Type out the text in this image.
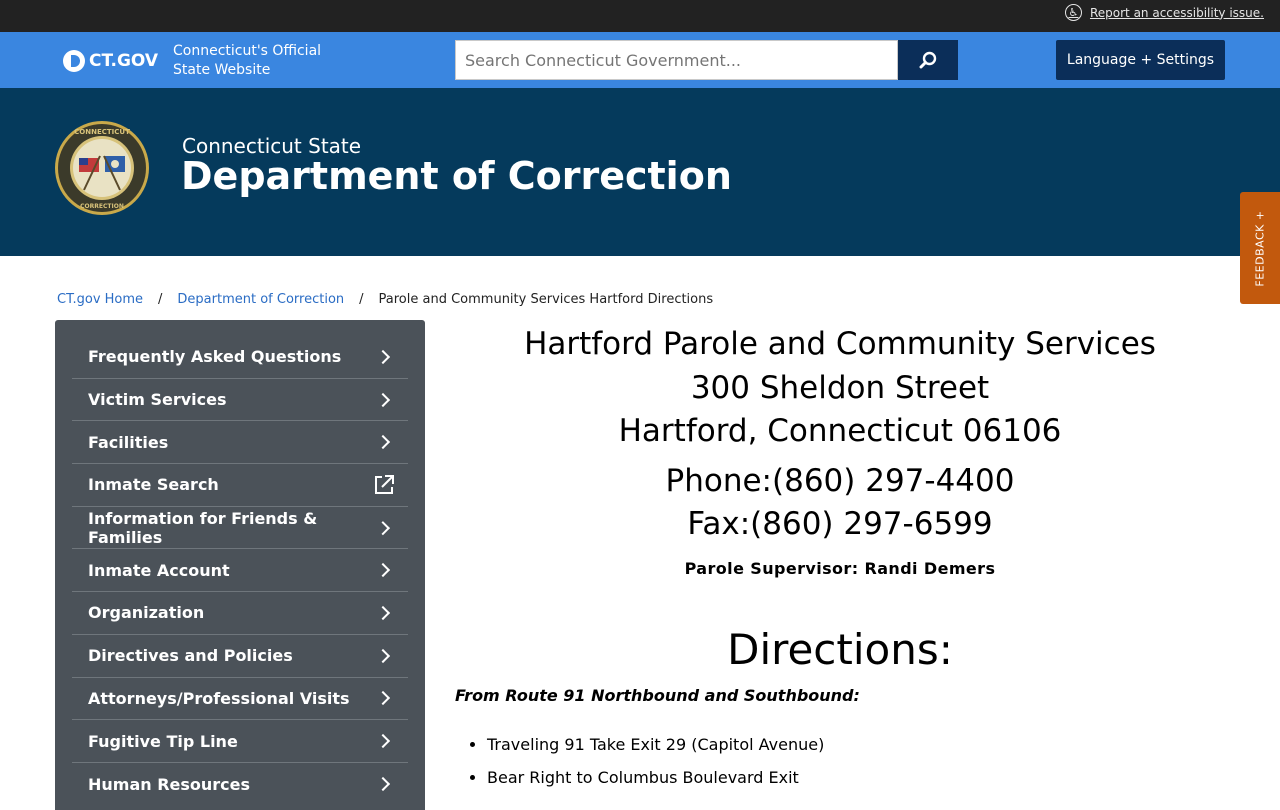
♿ Report an accessibility issue.
CT.GOV Connecticut's Official
State Website
Search Connecticut Government...
Language + Settings
CONNECTICUT
CORRECTION
Connecticut State
Department of Correction
FEEDBACK +
CT.gov Home / Department of Correction / Parole and Community Services Hartford Directions
Frequently Asked Questions
Victim Services
Facilities
Inmate Search
Information for Friends & Families
Inmate Account
Organization
Directives and Policies
Attorneys/Professional Visits
Fugitive Tip Line
Human Resources
Hartford Parole and Community Services
300 Sheldon Street
Hartford, Connecticut 06106
Phone:(860) 297-4400
Fax:(860) 297-6599
Parole Supervisor: Randi Demers
Directions:
From Route 91 Northbound and Southbound:
• Traveling 91 Take Exit 29 (Capitol Avenue)
• Bear Right to Columbus Boulevard Exit
